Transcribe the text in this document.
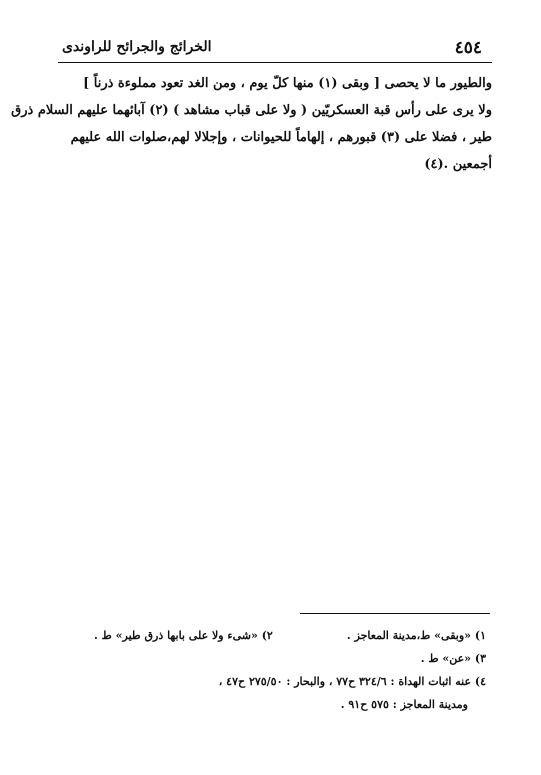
٤٥٤
الخرائج والجرائح للراوندی
والطیور ما لا یحصى [ وبقی (١) منها کلّ یوم ، ومن الغد تعود مملوءة ذرناً ]
ولا یرى على رأس قبة العسکریّین ( ولا على قباب مشاهد ) (٢) آبائهما علیهم السلام ذرق
طیر ، فضلا على (٣) قبورهم ، إلهاماً للحیوانات ، وإجلالا لهم،صلوات الله علیهم
أجمعین .(٤)
١) «وبقی» ط،مدینة المعاجز .
٢) «شیء ولا على بابها ذرق طیر» ط .
٣) «عن» ط .
٤) عنه اثبات الهداة : ٣٢٤/٦ ح٧٧ ، والبحار : ٢٧٥/٥٠ ح٤٧ ،
ومدینة المعاجز : ٥٧٥ ح٩١ .
